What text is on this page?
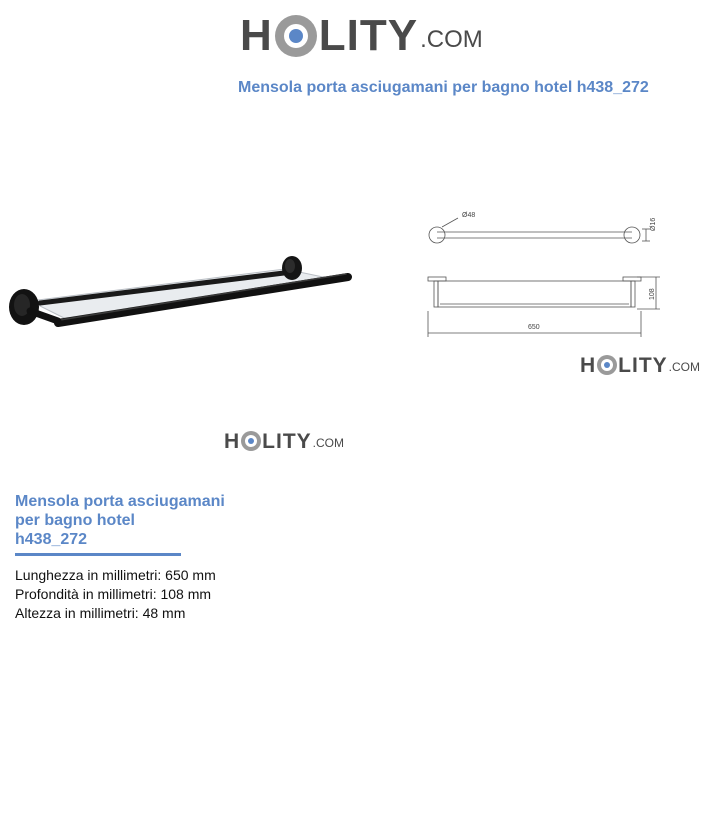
H LITY .COM
Mensola porta asciugamani per bagno hotel h438_272
Ø48
Ø16
108
650
H LITY .COM
H LITY .COM
Mensola porta asciugamani
per bagno hotel
h438_272
Lunghezza in millimetri: 650 mm
Profondità in millimetri: 108 mm
Altezza in millimetri: 48 mm
